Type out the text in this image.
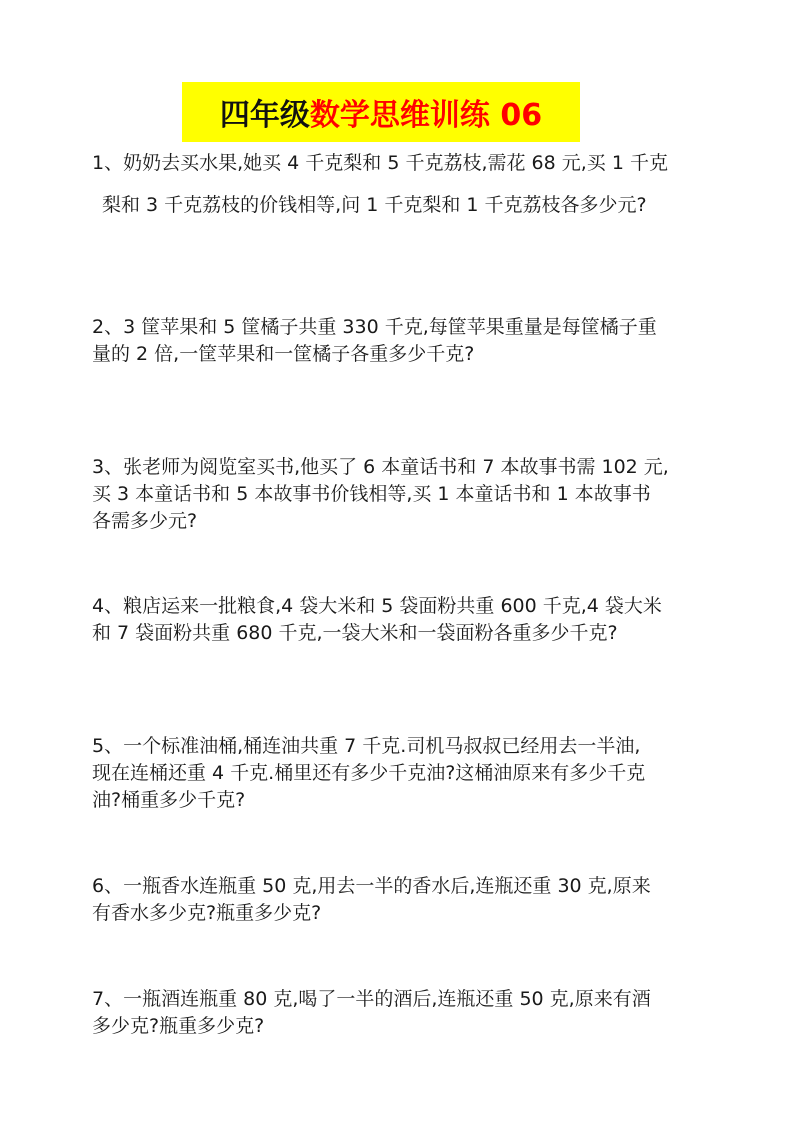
四年级 数学思维训练 06
1、奶奶去买水果,她买 4 千克梨和 5 千克荔枝,需花 68 元,买 1 千克
梨和 3 千克荔枝的价钱相等,问 1 千克梨和 1 千克荔枝各多少元?
2、3 筐苹果和 5 筐橘子共重 330 千克,每筐苹果重量是每筐橘子重
量的 2 倍,一筐苹果和一筐橘子各重多少千克?
3、张老师为阅览室买书,他买了 6 本童话书和 7 本故事书需 102 元,
买 3 本童话书和 5 本故事书价钱相等,买 1 本童话书和 1 本故事书
各需多少元?
4、粮店运来一批粮食,4 袋大米和 5 袋面粉共重 600 千克,4 袋大米
和 7 袋面粉共重 680 千克,一袋大米和一袋面粉各重多少千克?
5、一个标准油桶,桶连油共重 7 千克.司机马叔叔已经用去一半油,
现在连桶还重 4 千克.桶里还有多少千克油?这桶油原来有多少千克
油?桶重多少千克?
6、一瓶香水连瓶重 50 克,用去一半的香水后,连瓶还重 30 克,原来
有香水多少克?瓶重多少克?
7、一瓶酒连瓶重 80 克,喝了一半的酒后,连瓶还重 50 克,原来有酒
多少克?瓶重多少克?
